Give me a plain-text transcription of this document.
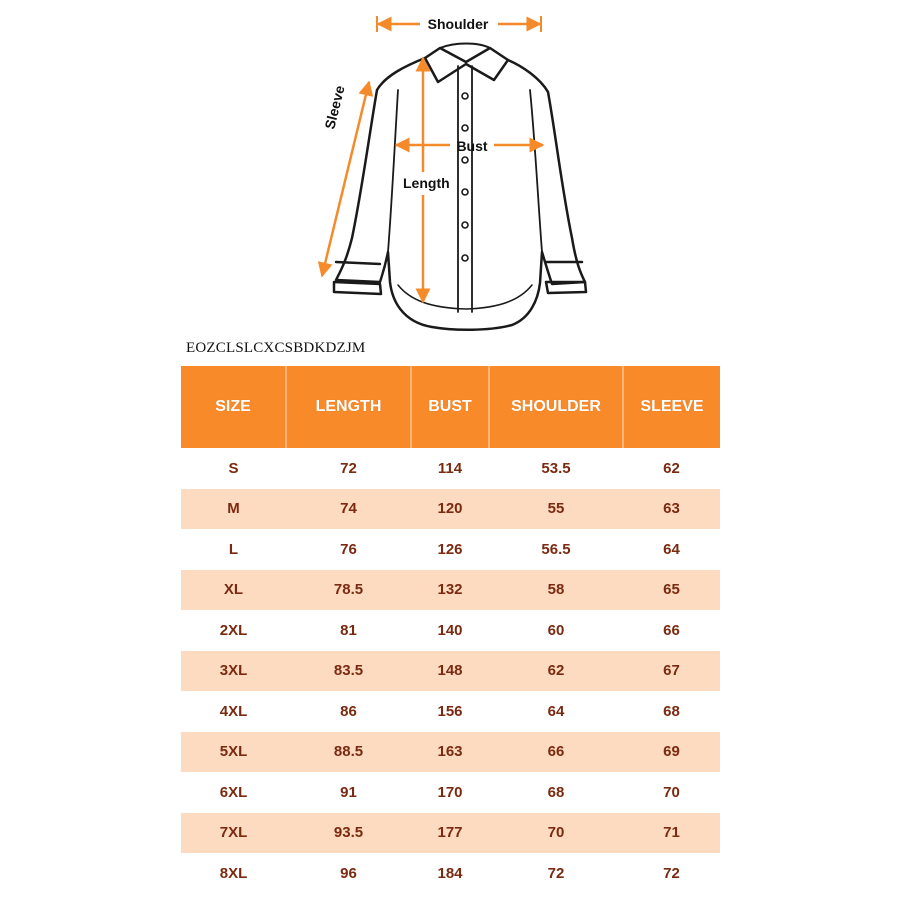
Shoulder
Bust
Length
Sleeve
EOZCLSLCXCSBDKDZJM
SIZE	LENGTH	BUST	SHOULDER	SLEEVE
S	72	114	53.5	62
M	74	120	55	63
L	76	126	56.5	64
XL	78.5	132	58	65
2XL	81	140	60	66
3XL	83.5	148	62	67
4XL	86	156	64	68
5XL	88.5	163	66	69
6XL	91	170	68	70
7XL	93.5	177	70	71
8XL	96	184	72	72
